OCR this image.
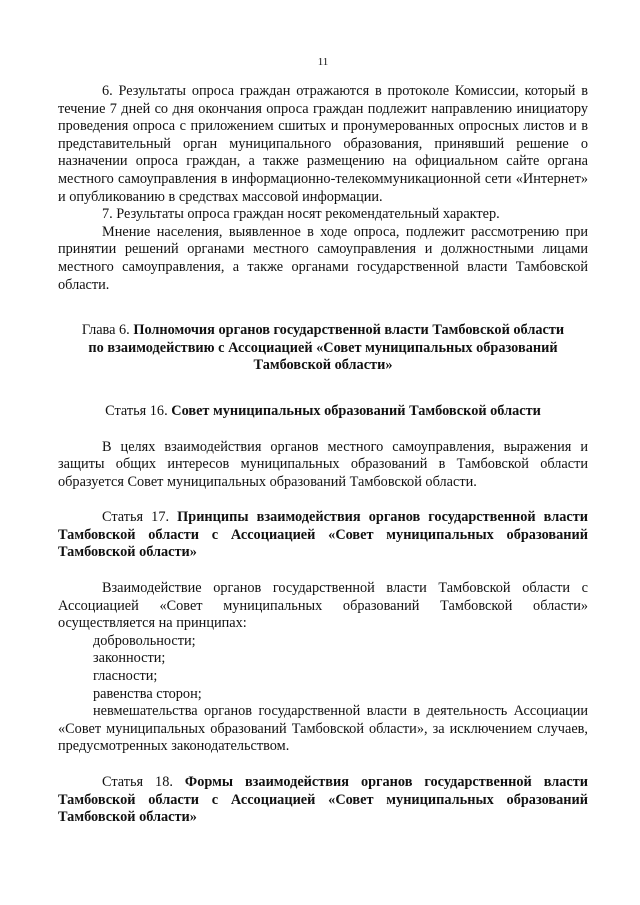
11

6. Результаты опроса граждан отражаются в протоколе Комиссии, который в течение 7 дней со дня окончания опроса граждан подлежит направлению инициатору проведения опроса с приложением сшитых и пронумерованных опросных листов и в представительный орган муниципального образования, принявший решение о назначении опроса граждан, а также размещению на официальном сайте органа местного самоуправления в информационно-телекоммуникационной сети «Интернет» и опубликованию в средствах массовой информации.

7. Результаты опроса граждан носят рекомендательный характер.

Мнение населения, выявленное в ходе опроса, подлежит рассмотрению при принятии решений органами местного самоуправления и должностными лицами местного самоуправления, а также органами государственной власти Тамбовской области.

Глава 6. Полномочия органов государственной власти Тамбовской области по взаимодействию с Ассоциацией «Совет муниципальных образований Тамбовской области»

Статья 16. Совет муниципальных образований Тамбовской области

В целях взаимодействия органов местного самоуправления, выражения и защиты общих интересов муниципальных образований в Тамбовской области образуется Совет муниципальных образований Тамбовской области.

Статья 17. Принципы взаимодействия органов государственной власти Тамбовской области с Ассоциацией «Совет муниципальных образований Тамбовской области»

Взаимодействие органов государственной власти Тамбовской области с Ассоциацией «Совет муниципальных образований Тамбовской области» осуществляется на принципах:

добровольности;

законности;

гласности;

равенства сторон;

невмешательства органов государственной власти в деятельность Ассоциации «Совет муниципальных образований Тамбовской области», за исключением случаев, предусмотренных законодательством.

Статья 18. Формы взаимодействия органов государственной власти Тамбовской области с Ассоциацией «Совет муниципальных образований Тамбовской области»
